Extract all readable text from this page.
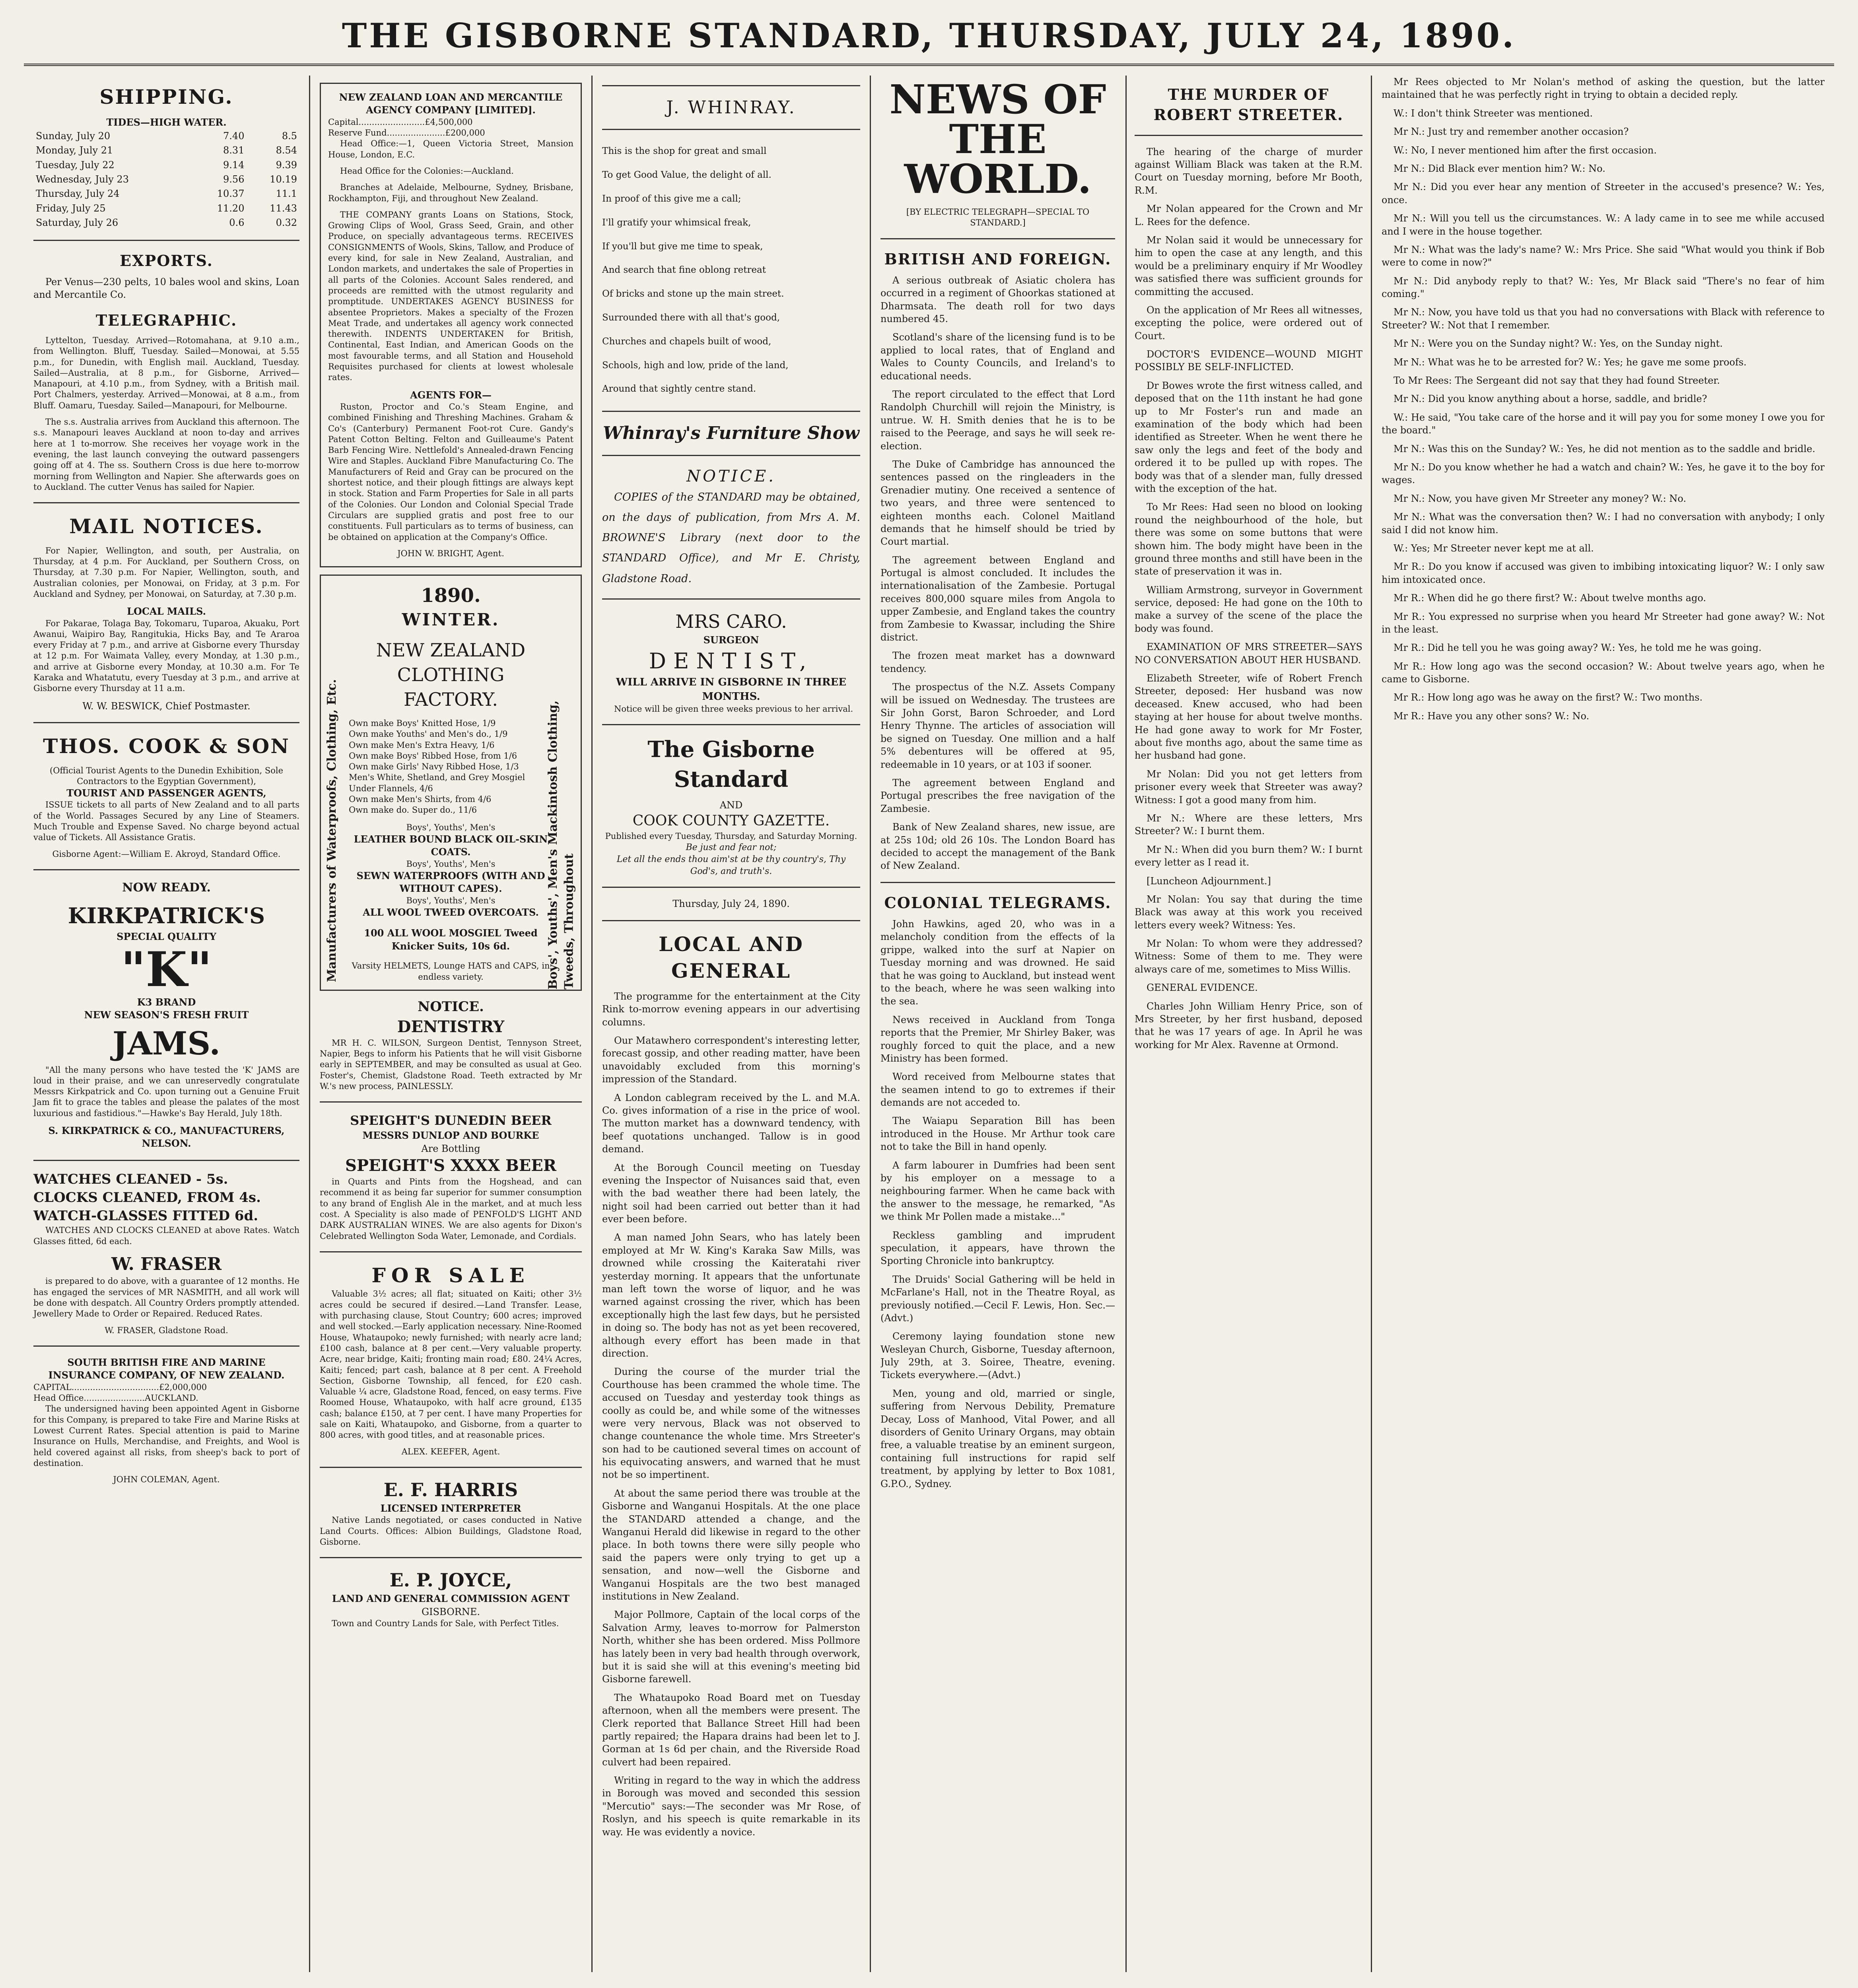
THE GISBORNE STANDARD, THURSDAY, JULY 24, 1890.
SHIPPING.
TIDES—HIGH WATER.
Sunday, July 20	7.40	8.5
Monday, July 21	8.31	8.54
Tuesday, July 22	9.14	9.39
Wednesday, July 23	9.56	10.19
Thursday, July 24	10.37	11.1
Friday, July 25	11.20	11.43
Saturday, July 26	0.6	0.32
EXPORTS.

Per Venus—230 pelts, 10 bales wool and skins, Loan and Mercantile Co.

TELEGRAPHIC.

Lyttelton, Tuesday. Arrived—Rotomahana, at 9.10 a.m., from Wellington. Bluff, Tuesday. Sailed—Monowai, at 5.55 p.m., for Dunedin, with English mail. Auckland, Tuesday. Sailed—Australia, at 8 p.m., for Gisborne, Arrived—Manapouri, at 4.10 p.m., from Sydney, with a British mail. Port Chalmers, yesterday. Arrived—Monowai, at 8 a.m., from Bluff. Oamaru, Tuesday. Sailed—Manapouri, for Melbourne.

The s.s. Australia arrives from Auckland this afternoon. The s.s. Manapouri leaves Auckland at noon to-day and arrives here at 1 to-morrow. She receives her voyage work in the evening, the last launch conveying the outward passengers going off at 4. The ss. Southern Cross is due here to-morrow morning from Wellington and Napier. She afterwards goes on to Auckland. The cutter Venus has sailed for Napier.

MAIL NOTICES.

For Napier, Wellington, and south, per Australia, on Thursday, at 4 p.m. For Auckland, per Southern Cross, on Thursday, at 7.30 p.m. For Napier, Wellington, south, and Australian colonies, per Monowai, on Friday, at 3 p.m. For Auckland and Sydney, per Monowai, on Saturday, at 7.30 p.m.

LOCAL MAILS.

For Pakarae, Tolaga Bay, Tokomaru, Tuparoa, Akuaku, Port Awanui, Waipiro Bay, Rangitukia, Hicks Bay, and Te Araroa every Friday at 7 p.m., and arrive at Gisborne every Thursday at 12 p.m. For Waimata Valley, every Monday, at 1.30 p.m., and arrive at Gisborne every Monday, at 10.30 a.m. For Te Karaka and Whatatutu, every Tuesday at 3 p.m., and arrive at Gisborne every Thursday at 11 a.m.

W. W. BESWICK, Chief Postmaster.
THOS. COOK & SON
(Official Tourist Agents to the Dunedin Exhibition, Sole Contractors to the Egyptian Government),
TOURIST AND PASSENGER AGENTS,

ISSUE tickets to all parts of New Zealand and to all parts of the World. Passages Secured by any Line of Steamers. Much Trouble and Expense Saved. No charge beyond actual value of Tickets. All Assistance Gratis.

Gisborne Agent:—William E. Akroyd, Standard Office.
NOW READY.
KIRKPATRICK'S
SPECIAL QUALITY
"K"
K3 BRAND
NEW SEASON'S FRESH FRUIT
JAMS.

"All the many persons who have tested the 'K' JAMS are loud in their praise, and we can unreservedly congratulate Messrs Kirkpatrick and Co. upon turning out a Genuine Fruit Jam fit to grace the tables and please the palates of the most luxurious and fastidious."—Hawke's Bay Herald, July 18th.

S. KIRKPATRICK & CO., MANUFACTURERS, NELSON.
WATCHES CLEANED - 5s.
CLOCKS CLEANED, FROM 4s.
WATCH-GLASSES FITTED 6d.

WATCHES AND CLOCKS CLEANED at above Rates. Watch Glasses fitted, 6d each.

W. FRASER

is prepared to do above, with a guarantee of 12 months. He has engaged the services of MR NASMITH, and all work will be done with despatch. All Country Orders promptly attended. Jewellery Made to Order or Repaired. Reduced Rates.

W. FRASER, Gladstone Road.
SOUTH BRITISH FIRE AND MARINE INSURANCE COMPANY, OF NEW ZEALAND.
CAPITAL.................................£2,000,000
Head Office.......................AUCKLAND.

The undersigned having been appointed Agent in Gisborne for this Company, is prepared to take Fire and Marine Risks at Lowest Current Rates. Special attention is paid to Marine Insurance on Hulls, Merchandise, and Freights, and Wool is held covered against all risks, from sheep's back to port of destination.

JOHN COLEMAN, Agent.
NEW ZEALAND LOAN AND MERCANTILE AGENCY COMPANY [LIMITED].
Capital.........................£4,500,000
Reserve Fund......................£200,000

Head Office:—1, Queen Victoria Street, Mansion House, London, E.C.

Head Office for the Colonies:—Auckland.

Branches at Adelaide, Melbourne, Sydney, Brisbane, Rockhampton, Fiji, and throughout New Zealand.

THE COMPANY grants Loans on Stations, Stock, Growing Clips of Wool, Grass Seed, Grain, and other Produce, on specially advantageous terms. RECEIVES CONSIGNMENTS of Wools, Skins, Tallow, and Produce of every kind, for sale in New Zealand, Australian, and London markets, and undertakes the sale of Properties in all parts of the Colonies. Account Sales rendered, and proceeds are remitted with the utmost regularity and promptitude. UNDERTAKES AGENCY BUSINESS for absentee Proprietors. Makes a specialty of the Frozen Meat Trade, and undertakes all agency work connected therewith. INDENTS UNDERTAKEN for British, Continental, East Indian, and American Goods on the most favourable terms, and all Station and Household Requisites purchased for clients at lowest wholesale rates.

AGENTS FOR—

Ruston, Proctor and Co.'s Steam Engine, and combined Finishing and Threshing Machines. Graham & Co's (Canterbury) Permanent Foot-rot Cure. Gandy's Patent Cotton Belting. Felton and Guilleaume's Patent Barb Fencing Wire. Nettlefold's Annealed-drawn Fencing Wire and Staples. Auckland Fibre Manufacturing Co. The Manufacturers of Reid and Gray can be procured on the shortest notice, and their plough fittings are always kept in stock. Station and Farm Properties for Sale in all parts of the Colonies. Our London and Colonial Special Trade Circulars are supplied gratis and post free to our constituents. Full particulars as to terms of business, can be obtained on application at the Company's Office.

JOHN W. BRIGHT, Agent.
Manufacturers of Waterproofs, Clothing, Etc.	Boys', Youths', Men's Mackintosh Clothing, Tweeds, Throughout
1890.
WINTER.
NEW ZEALAND CLOTHING FACTORY.
Own make Boys' Knitted Hose, 1/9
Own make Youths' and Men's do., 1/9
Own make Men's Extra Heavy, 1/6
Own make Boys' Ribbed Hose, from 1/6
Own make Girls' Navy Ribbed Hose, 1/3
Men's White, Shetland, and Grey Mosgiel Under Flannels, 4/6
Own make Men's Shirts, from 4/6
Own make do. Super do., 11/6
Boys', Youths', Men's
LEATHER BOUND BLACK OIL-SKIN COATS.
Boys', Youths', Men's
SEWN WATERPROOFS (WITH AND WITHOUT CAPES).
Boys', Youths', Men's
ALL WOOL TWEED OVERCOATS.
100 ALL WOOL MOSGIEL Tweed Knicker Suits, 10s 6d.
Varsity HELMETS, Lounge HATS and CAPS, in endless variety.
NOTICE.
DENTISTRY

MR H. C. WILSON, Surgeon Dentist, Tennyson Street, Napier, Begs to inform his Patients that he will visit Gisborne early in SEPTEMBER, and may be consulted as usual at Geo. Foster's, Chemist, Gladstone Road. Teeth extracted by Mr W.'s new process, PAINLESSLY.

SPEIGHT'S DUNEDIN BEER
MESSRS DUNLOP AND BOURKE
Are Bottling
SPEIGHT'S XXXX BEER

in Quarts and Pints from the Hogshead, and can recommend it as being far superior for summer consumption to any brand of English Ale in the market, and at much less cost. A Speciality is also made of PENFOLD'S LIGHT AND DARK AUSTRALIAN WINES. We are also agents for Dixon's Celebrated Wellington Soda Water, Lemonade, and Cordials.

FOR SALE

Valuable 3½ acres; all flat; situated on Kaiti; other 3½ acres could be secured if desired.—Land Transfer. Lease, with purchasing clause, Stout Country; 600 acres; improved and well stocked.—Early application necessary. Nine-Roomed House, Whataupoko; newly furnished; with nearly acre land; £100 cash, balance at 8 per cent.—Very valuable property. Acre, near bridge, Kaiti; fronting main road; £80. 24¼ Acres, Kaiti; fenced; part cash, balance at 8 per cent. A Freehold Section, Gisborne Township, all fenced, for £20 cash. Valuable ¼ acre, Gladstone Road, fenced, on easy terms. Five Roomed House, Whataupoko, with half acre ground, £135 cash; balance £150, at 7 per cent. I have many Properties for sale on Kaiti, Whataupoko, and Gisborne, from a quarter to 800 acres, with good titles, and at reasonable prices.

ALEX. KEEFER, Agent.
E. F. HARRIS
LICENSED INTERPRETER

Native Lands negotiated, or cases conducted in Native Land Courts. Offices: Albion Buildings, Gladstone Road, Gisborne.

E. P. JOYCE,
LAND AND GENERAL COMMISSION AGENT
GISBORNE.

Town and Country Lands for Sale, with Perfect Titles.

J. WHINRAY.
This is the shop for great and small
To get Good Value, the delight of all.
In proof of this give me a call;
I'll gratify your whimsical freak,
If you'll but give me time to speak,
And search that fine oblong retreat
Of bricks and stone up the main street.
Surrounded there with all that's good,
Churches and chapels built of wood,
Schools, high and low, pride of the land,
Around that sightly centre stand.
Whinray's Furniture Show
NOTICE.

COPIES of the STANDARD may be obtained, on the days of publication, from Mrs A. M. BROWNE'S Library (next door to the STANDARD Office), and Mr E. Christy, Gladstone Road.

MRS CARO.
SURGEON
DENTIST,
WILL ARRIVE IN GISBORNE IN THREE MONTHS.

Notice will be given three weeks previous to her arrival.

The Gisborne Standard
AND
COOK COUNTY GAZETTE.
Published every Tuesday, Thursday, and Saturday Morning.
Be just and fear not;
Let all the ends thou aim'st at be thy country's, Thy God's, and truth's.
Thursday, July 24, 1890.
LOCAL AND GENERAL

The programme for the entertainment at the City Rink to-morrow evening appears in our advertising columns.

Our Matawhero correspondent's interesting letter, forecast gossip, and other reading matter, have been unavoidably excluded from this morning's impression of the Standard.

A London cablegram received by the L. and M.A. Co. gives information of a rise in the price of wool. The mutton market has a downward tendency, with beef quotations unchanged. Tallow is in good demand.

At the Borough Council meeting on Tuesday evening the Inspector of Nuisances said that, even with the bad weather there had been lately, the night soil had been carried out better than it had ever been before.

A man named John Sears, who has lately been employed at Mr W. King's Karaka Saw Mills, was drowned while crossing the Kaiteratahi river yesterday morning. It appears that the unfortunate man left town the worse of liquor, and he was warned against crossing the river, which has been exceptionally high the last few days, but he persisted in doing so. The body has not as yet been recovered, although every effort has been made in that direction.

During the course of the murder trial the Courthouse has been crammed the whole time. The accused on Tuesday and yesterday took things as coolly as could be, and while some of the witnesses were very nervous, Black was not observed to change countenance the whole time. Mrs Streeter's son had to be cautioned several times on account of his equivocating answers, and warned that he must not be so impertinent.

At about the same period there was trouble at the Gisborne and Wanganui Hospitals. At the one place the STANDARD attended a change, and the Wanganui Herald did likewise in regard to the other place. In both towns there were silly people who said the papers were only trying to get up a sensation, and now—well the Gisborne and Wanganui Hospitals are the two best managed institutions in New Zealand.

Major Pollmore, Captain of the local corps of the Salvation Army, leaves to-morrow for Palmerston North, whither she has been ordered. Miss Pollmore has lately been in very bad health through overwork, but it is said she will at this evening's meeting bid Gisborne farewell.

The Whataupoko Road Board met on Tuesday afternoon, when all the members were present. The Clerk reported that Ballance Street Hill had been partly repaired; the Hapara drains had been let to J. Gorman at 1s 6d per chain, and the Riverside Road culvert had been repaired.

Writing in regard to the way in which the address in Borough was moved and seconded this session "Mercutio" says:—The seconder was Mr Rose, of Roslyn, and his speech is quite remarkable in its way. He was evidently a novice.

NEWS OF THE WORLD.
[BY ELECTRIC TELEGRAPH—SPECIAL TO STANDARD.]
BRITISH AND FOREIGN.

A serious outbreak of Asiatic cholera has occurred in a regiment of Ghoorkas stationed at Dharmsata. The death roll for two days numbered 45.

Scotland's share of the licensing fund is to be applied to local rates, that of England and Wales to County Councils, and Ireland's to educational needs.

The report circulated to the effect that Lord Randolph Churchill will rejoin the Ministry, is untrue. W. H. Smith denies that he is to be raised to the Peerage, and says he will seek re-election.

The Duke of Cambridge has announced the sentences passed on the ringleaders in the Grenadier mutiny. One received a sentence of two years, and three were sentenced to eighteen months each. Colonel Maitland demands that he himself should be tried by Court martial.

The agreement between England and Portugal is almost concluded. It includes the internationalisation of the Zambesie. Portugal receives 800,000 square miles from Angola to upper Zambesie, and England takes the country from Zambesie to Kwassar, including the Shire district.

The frozen meat market has a downward tendency.

The prospectus of the N.Z. Assets Company will be issued on Wednesday. The trustees are Sir John Gorst, Baron Schroeder, and Lord Henry Thynne. The articles of association will be signed on Tuesday. One million and a half 5% debentures will be offered at 95, redeemable in 10 years, or at 103 if sooner.

The agreement between England and Portugal prescribes the free navigation of the Zambesie.

Bank of New Zealand shares, new issue, are at 25s 10d; old 26 10s. The London Board has decided to accept the management of the Bank of New Zealand.

COLONIAL TELEGRAMS.

John Hawkins, aged 20, who was in a melancholy condition from the effects of la grippe, walked into the surf at Napier on Tuesday morning and was drowned. He said that he was going to Auckland, but instead went to the beach, where he was seen walking into the sea.

News received in Auckland from Tonga reports that the Premier, Mr Shirley Baker, was roughly forced to quit the place, and a new Ministry has been formed.

Word received from Melbourne states that the seamen intend to go to extremes if their demands are not acceded to.

The Waiapu Separation Bill has been introduced in the House. Mr Arthur took care not to take the Bill in hand openly.

A farm labourer in Dumfries had been sent by his employer on a message to a neighbouring farmer. When he came back with the answer to the message, he remarked, "As we think Mr Pollen made a mistake..."

Reckless gambling and imprudent speculation, it appears, have thrown the Sporting Chronicle into bankruptcy.

The Druids' Social Gathering will be held in McFarlane's Hall, not in the Theatre Royal, as previously notified.—Cecil F. Lewis, Hon. Sec.—(Advt.)

Ceremony laying foundation stone new Wesleyan Church, Gisborne, Tuesday afternoon, July 29th, at 3. Soiree, Theatre, evening. Tickets everywhere.—(Advt.)

Men, young and old, married or single, suffering from Nervous Debility, Premature Decay, Loss of Manhood, Vital Power, and all disorders of Genito Urinary Organs, may obtain free, a valuable treatise by an eminent surgeon, containing full instructions for rapid self treatment, by applying by letter to Box 1081, G.P.O., Sydney.

THE MURDER OF ROBERT STREETER.

The hearing of the charge of murder against William Black was taken at the R.M. Court on Tuesday morning, before Mr Booth, R.M.

Mr Nolan appeared for the Crown and Mr L. Rees for the defence.

Mr Nolan said it would be unnecessary for him to open the case at any length, and this would be a preliminary enquiry if Mr Woodley was satisfied there was sufficient grounds for committing the accused.

On the application of Mr Rees all witnesses, excepting the police, were ordered out of Court.

DOCTOR'S EVIDENCE—WOUND MIGHT POSSIBLY BE SELF-INFLICTED.

Dr Bowes wrote the first witness called, and deposed that on the 11th instant he had gone up to Mr Foster's run and made an examination of the body which had been identified as Streeter. When he went there he saw only the legs and feet of the body and ordered it to be pulled up with ropes. The body was that of a slender man, fully dressed with the exception of the hat.

To Mr Rees: Had seen no blood on looking round the neighbourhood of the hole, but there was some on some buttons that were shown him. The body might have been in the ground three months and still have been in the state of preservation it was in.

William Armstrong, surveyor in Government service, deposed: He had gone on the 10th to make a survey of the scene of the place the body was found.

EXAMINATION OF MRS STREETER—SAYS NO CONVERSATION ABOUT HER HUSBAND.

Elizabeth Streeter, wife of Robert French Streeter, deposed: Her husband was now deceased. Knew accused, who had been staying at her house for about twelve months. He had gone away to work for Mr Foster, about five months ago, about the same time as her husband had gone.

Mr Nolan: Did you not get letters from prisoner every week that Streeter was away? Witness: I got a good many from him.

Mr N.: Where are these letters, Mrs Streeter? W.: I burnt them.

Mr N.: When did you burn them? W.: I burnt every letter as I read it.

[Luncheon Adjournment.]

Mr Nolan: You say that during the time Black was away at this work you received letters every week? Witness: Yes.

Mr Nolan: To whom were they addressed? Witness: Some of them to me. They were always care of me, sometimes to Miss Willis.

GENERAL EVIDENCE.

Charles John William Henry Price, son of Mrs Streeter, by her first husband, deposed that he was 17 years of age. In April he was working for Mr Alex. Ravenne at Ormond.

Mr Rees objected to Mr Nolan's method of asking the question, but the latter maintained that he was perfectly right in trying to obtain a decided reply.

W.: I don't think Streeter was mentioned.

Mr N.: Just try and remember another occasion?

W.: No, I never mentioned him after the first occasion.

Mr N.: Did Black ever mention him? W.: No.

Mr N.: Did you ever hear any mention of Streeter in the accused's presence? W.: Yes, once.

Mr N.: Will you tell us the circumstances. W.: A lady came in to see me while accused and I were in the house together.

Mr N.: What was the lady's name? W.: Mrs Price. She said "What would you think if Bob were to come in now?"

Mr N.: Did anybody reply to that? W.: Yes, Mr Black said "There's no fear of him coming."

Mr N.: Now, you have told us that you had no conversations with Black with reference to Streeter? W.: Not that I remember.

Mr N.: Were you on the Sunday night? W.: Yes, on the Sunday night.

Mr N.: What was he to be arrested for? W.: Yes; he gave me some proofs.

To Mr Rees: The Sergeant did not say that they had found Streeter.

Mr N.: Did you know anything about a horse, saddle, and bridle?

W.: He said, "You take care of the horse and it will pay you for some money I owe you for the board."

Mr N.: Was this on the Sunday? W.: Yes, he did not mention as to the saddle and bridle.

Mr N.: Do you know whether he had a watch and chain? W.: Yes, he gave it to the boy for wages.

Mr N.: Now, you have given Mr Streeter any money? W.: No.

Mr N.: What was the conversation then? W.: I had no conversation with anybody; I only said I did not know him.

W.: Yes; Mr Streeter never kept me at all.

Mr R.: Do you know if accused was given to imbibing intoxicating liquor? W.: I only saw him intoxicated once.

Mr R.: When did he go there first? W.: About twelve months ago.

Mr R.: You expressed no surprise when you heard Mr Streeter had gone away? W.: Not in the least.

Mr R.: Did he tell you he was going away? W.: Yes, he told me he was going.

Mr R.: How long ago was the second occasion? W.: About twelve years ago, when he came to Gisborne.

Mr R.: How long ago was he away on the first? W.: Two months.

Mr R.: Have you any other sons? W.: No.
